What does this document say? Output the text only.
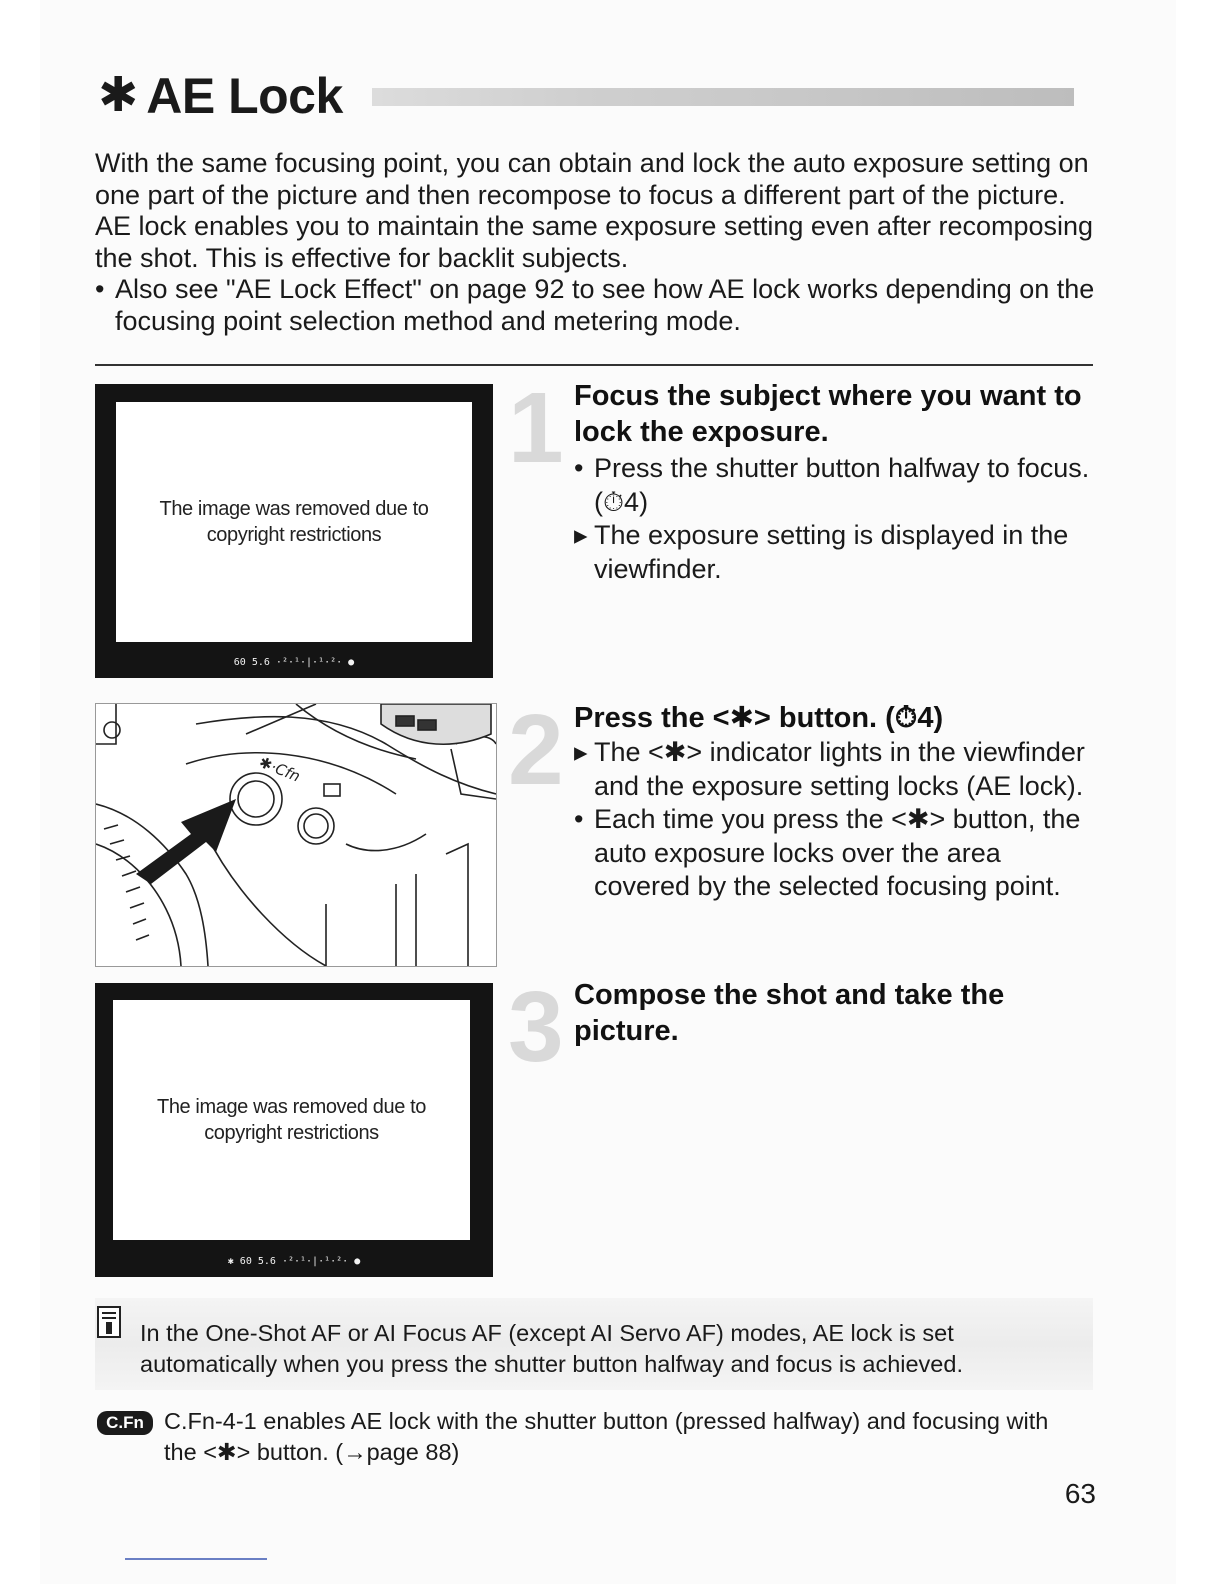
✱ AE Lock

With the same focusing point, you can obtain and lock the auto exposure setting on one part of the picture and then recompose to focus a different part of the picture. AE lock enables you to maintain the same exposure setting even after recomposing the shot. This is effective for backlit subjects.

• Also see "AE Lock Effect" on page 92 to see how AE lock works depending on the focusing point selection method and metering mode.
The image was removed due to copyright restrictions
60 5.6 ·²·¹·|·¹·²· ●
✱·Cfn
The image was removed due to copyright restrictions
✱ 60 5.6 ·²·¹·|·¹·²· ●
1 Focus the subject where you want to lock the exposure.
• Press the shutter button halfway to focus. (⏱4)
▸ The exposure setting is displayed in the viewfinder.
2 Press the <✱> button. (⏱4)
▸ The <✱> indicator lights in the viewfinder and the exposure setting locks (AE lock).
• Each time you press the <✱> button, the auto exposure locks over the area covered by the selected focusing point.
3 Compose the shot and take the picture.
In the One-Shot AF or AI Focus AF (except AI Servo AF) modes, AE lock is set automatically when you press the shutter button halfway and focus is achieved.
C.Fn C.Fn-4-1 enables AE lock with the shutter button (pressed halfway) and focusing with the <✱> button. (→page 88)
63
